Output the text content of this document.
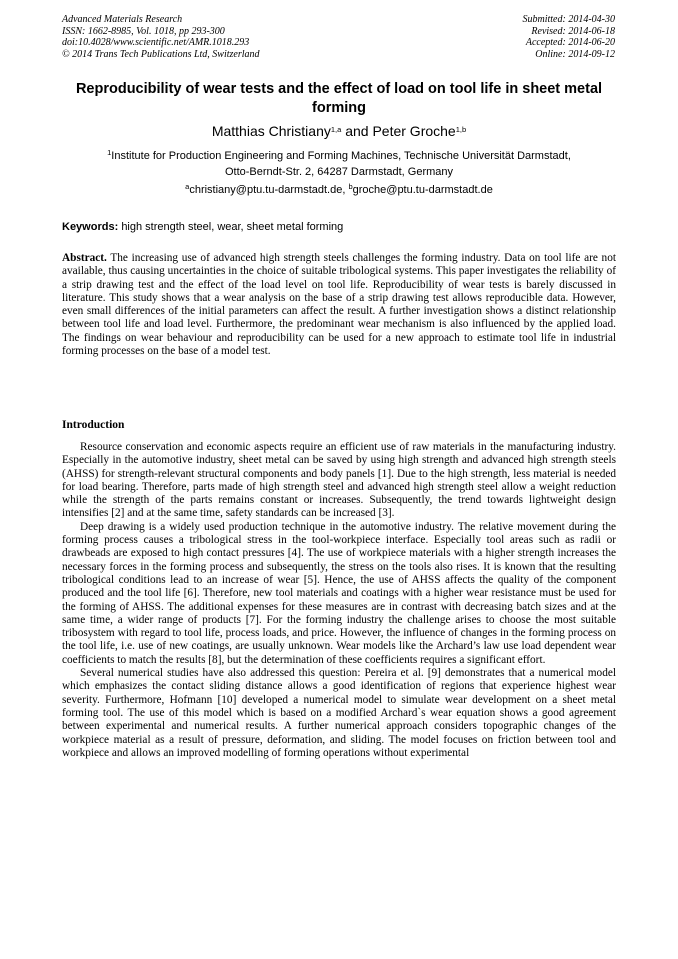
Advanced Materials Research
ISSN: 1662-8985, Vol. 1018, pp 293-300
doi:10.4028/www.scientific.net/AMR.1018.293
© 2014 Trans Tech Publications Ltd, Switzerland
Submitted: 2014-04-30
Revised: 2014-06-18
Accepted: 2014-06-20
Online: 2014-09-12
Reproducibility of wear tests and the effect of load on tool life in sheet metal forming
Matthias Christiany$^{1,a}$ and Peter Groche$^{1,b}$
$^1$Institute for Production Engineering and Forming Machines, Technische Universität Darmstadt,
Otto-Berndt-Str. 2, 64287 Darmstadt, Germany
$^a$christiany@ptu.tu-darmstadt.de, $^b$groche@ptu.tu-darmstadt.de
Keywords: high strength steel, wear, sheet metal forming
Abstract. The increasing use of advanced high strength steels challenges the forming industry. Data on tool life are not available, thus causing uncertainties in the choice of suitable tribological systems. This paper investigates the reliability of a strip drawing test and the effect of the load level on tool life. Reproducibility of wear tests is barely discussed in literature. This study shows that a wear analysis on the base of a strip drawing test allows reproducible data. However, even small differences of the initial parameters can affect the result. A further investigation shows a distinct relationship between tool life and load level. Furthermore, the predominant wear mechanism is also influenced by the applied load. The findings on wear behaviour and reproducibility can be used for a new approach to estimate tool life in industrial forming processes on the base of a model test.
Introduction

Resource conservation and economic aspects require an efficient use of raw materials in the manufacturing industry. Especially in the automotive industry, sheet metal can be saved by using high strength and advanced high strength steels (AHSS) for strength-relevant structural components and body panels [1]. Due to the high strength, less material is needed for load bearing. Therefore, parts made of high strength steel and advanced high strength steel allow a weight reduction while the strength of the parts remains constant or increases. Subsequently, the trend towards lightweight design intensifies [2] and at the same time, safety standards can be increased [3].

Deep drawing is a widely used production technique in the automotive industry. The relative movement during the forming process causes a tribological stress in the tool-workpiece interface. Especially tool areas such as radii or drawbeads are exposed to high contact pressures [4]. The use of workpiece materials with a higher strength increases the necessary forces in the forming process and subsequently, the stress on the tools also rises. It is known that the resulting tribological conditions lead to an increase of wear [5]. Hence, the use of AHSS affects the quality of the component produced and the tool life [6]. Therefore, new tool materials and coatings with a higher wear resistance must be used for the forming of AHSS. The additional expenses for these measures are in contrast with decreasing batch sizes and at the same time, a wider range of products [7]. For the forming industry the challenge arises to choose the most suitable tribosystem with regard to tool life, process loads, and price. However, the influence of changes in the forming process on the tool life, i.e. use of new coatings, are usually unknown. Wear models like the Archard’s law use load dependent wear coefficients to match the results [8], but the determination of these coefficients requires a significant effort.

Several numerical studies have also addressed this question: Pereira et al. [9] demonstrates that a numerical model which emphasizes the contact sliding distance allows a good identification of regions that experience highest wear severity. Furthermore, Hofmann [10] developed a numerical model to simulate wear development on a sheet metal forming tool. The use of this model which is based on a modified Archard`s wear equation shows a good agreement between experimental and numerical results. A further numerical approach considers topographic changes of the workpiece material as a result of pressure, deformation, and sliding. The model focuses on friction between tool and workpiece and allows an improved modelling of forming operations without experimental
